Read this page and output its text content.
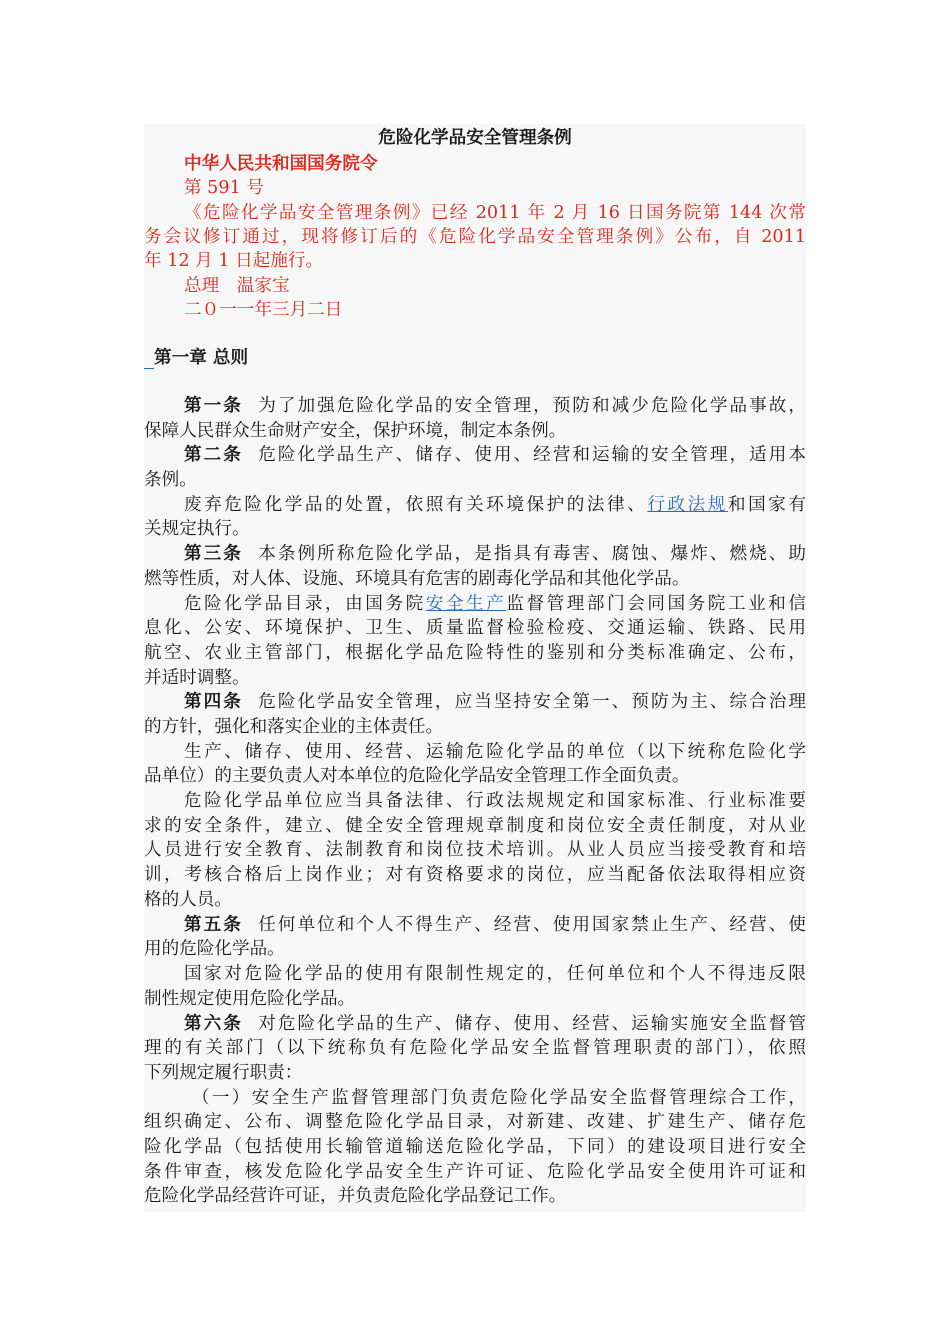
危险化学品安全管理条例
中华人民共和国国务院令
第 591 号
《危险化学品安全管理条例》已经 2011 年 2 月 16 日国务院第 144 次常
务会议修订通过，现将修订后的《危险化学品安全管理条例》公布，自 2011
年 12 月 1 日起施行。
总理　温家宝
二０一一年三月二日
第一章 总则
第一条 为了加强危险化学品的安全管理，预防和减少危险化学品事故，
保障人民群众生命财产安全，保护环境，制定本条例。
第二条 危险化学品生产、储存、使用、经营和运输的安全管理，适用本
条例。
废弃危险化学品的处置，依照有关环境保护的法律、行政法规和国家有
关规定执行。
第三条 本条例所称危险化学品，是指具有毒害、腐蚀、爆炸、燃烧、助
燃等性质，对人体、设施、环境具有危害的剧毒化学品和其他化学品。
危险化学品目录，由国务院安全生产监督管理部门会同国务院工业和信
息化、公安、环境保护、卫生、质量监督检验检疫、交通运输、铁路、民用
航空、农业主管部门，根据化学品危险特性的鉴别和分类标准确定、公布，
并适时调整。
第四条 危险化学品安全管理，应当坚持安全第一、预防为主、综合治理
的方针，强化和落实企业的主体责任。
生产、储存、使用、经营、运输危险化学品的单位（以下统称危险化学
品单位）的主要负责人对本单位的危险化学品安全管理工作全面负责。
危险化学品单位应当具备法律、行政法规规定和国家标准、行业标准要
求的安全条件，建立、健全安全管理规章制度和岗位安全责任制度，对从业
人员进行安全教育、法制教育和岗位技术培训。从业人员应当接受教育和培
训，考核合格后上岗作业；对有资格要求的岗位，应当配备依法取得相应资
格的人员。
第五条 任何单位和个人不得生产、经营、使用国家禁止生产、经营、使
用的危险化学品。
国家对危险化学品的使用有限制性规定的，任何单位和个人不得违反限
制性规定使用危险化学品。
第六条 对危险化学品的生产、储存、使用、经营、运输实施安全监督管
理的有关部门（以下统称负有危险化学品安全监督管理职责的部门），依照
下列规定履行职责：
（一）安全生产监督管理部门负责危险化学品安全监督管理综合工作，
组织确定、公布、调整危险化学品目录，对新建、改建、扩建生产、储存危
险化学品（包括使用长输管道输送危险化学品，下同）的建设项目进行安全
条件审查，核发危险化学品安全生产许可证、危险化学品安全使用许可证和
危险化学品经营许可证，并负责危险化学品登记工作。
